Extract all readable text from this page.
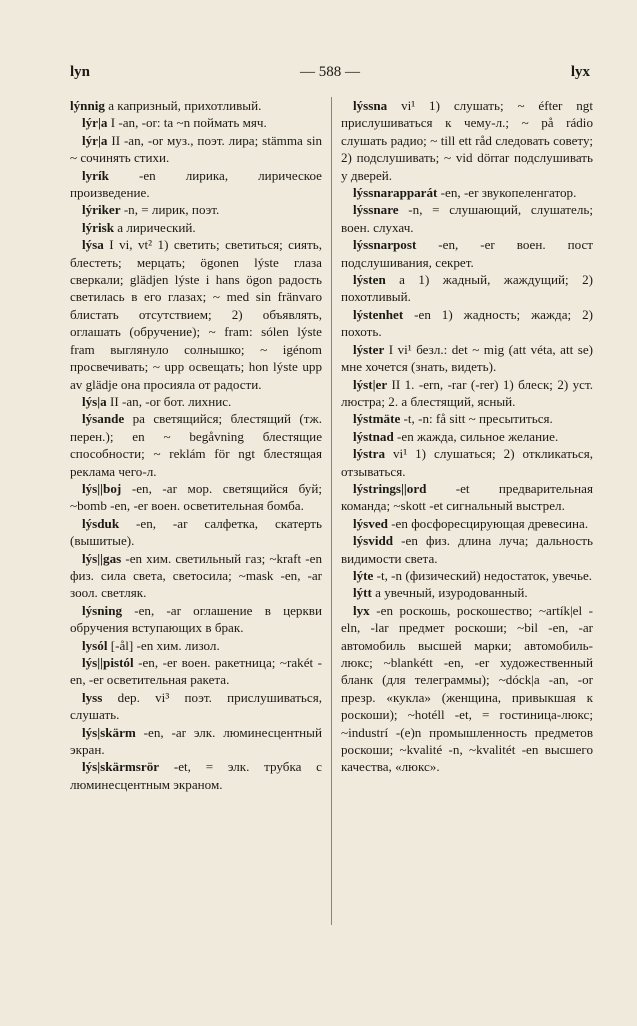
lyn	— 588 —	lyx
lýnnig a капризный, прихотливый.
lýr|a I -an, -or: ta ~n поймать мяч.
lýr|a II -an, -or муз., поэт. лира; stämma sin ~ сочинять стихи.
lyrík -en лирика, лирическое произведение.
lýriker -n, = лирик, поэт.
lýrisk a лирический.
lýsa I vi, vt² 1) светить; светиться; сиять, блестеть; мерцать; ögonen lýste глаза сверкали; glädjen lýste i hans ögon радость светилась в его глазах; ~ med sin fränvaro блистать отсутствием; 2) объявлять, оглашать (обручение); ~ fram: sólen lýste fram выглянуло солнышко; ~ igénom просвечивать; ~ upp освещать; hon lýste upp av glädje она просияла от радости.
lýs|a II -an, -or бот. лихнис.
lýsande pa светящийся; блестящий (тж. перен.); en ~ begåvning блестящие способности; ~ reklám för ngt блестящая реклама чего-л.
lýs||boj -en, -ar мор. светящийся буй; ~bomb -en, -er воен. осветительная бомба.
lýsduk -en, -ar салфетка, скатерть (вышитые).
lýs||gas -en хим. светильный газ; ~kraft -en физ. сила света, светосила; ~mask -en, -ar зоол. светляк.
lýsning -en, -ar оглашение в церкви обручения вступающих в брак.
lysól [-ål] -en хим. лизол.
lýs||pistól -en, -er воен. ракетница; ~rakét -en, -er осветительная ракета.
lyss dep. vi³ поэт. прислушиваться, слушать.
lýs|skärm -en, -ar элк. люминесцентный экран.
lýs|skärmsrör -et, = элк. трубка с люминесцентным экраном.
lýssna vi¹ 1) слушать; ~ éfter ngt прислушиваться к чему-л.; ~ på rádio слушать радио; ~ till ett råd следовать совету; 2) подслушивать; ~ vid dörrar подслушивать у дверей.
lýssnarapparát -en, -er звукопеленгатор.
lýssnare -n, = слушающий, слушатель; воен. слухач.
lýssnarpost -en, -er воен. пост подслушивания, секрет.
lýsten a 1) жадный, жаждущий; 2) похотливый.
lýstenhet -en 1) жадность; жажда; 2) похоть.
lýster I vi¹ безл.: det ~ mig (att véta, att se) мне хочется (знать, видеть).
lýst|er II 1. -ern, -rar (-rer) 1) блеск; 2) уст. люстра; 2. a блестящий, ясный.
lýstmäte -t, -n: få sitt ~ пресытиться.
lýstnad -en жажда, сильное желание.
lýstra vi¹ 1) слушаться; 2) откликаться, отзываться.
lýstrings||ord -et предварительная команда; ~skott -et сигнальный выстрел.
lýsved -en фосфоресцирующая древесина.
lýsvidd -en физ. длина луча; дальность видимости света.
lýte -t, -n (физический) недостаток, увечье.
lýtt a увечный, изуродованный.
lyx -en роскошь, роскошество; ~artík|el -eln, -lar предмет роскоши; ~bil -en, -ar автомобиль высшей марки; автомобиль-люкс; ~blankétt -en, -er художественный бланк (для телеграммы); ~dóck|a -an, -or презр. «кукла» (женщина, привыкшая к роскоши); ~hotéll -et, = гостиница-люкс; ~industrí -(e)n промышленность предметов роскоши; ~kvalité -n, ~kvalitét -en высшего качества, «люкс».
